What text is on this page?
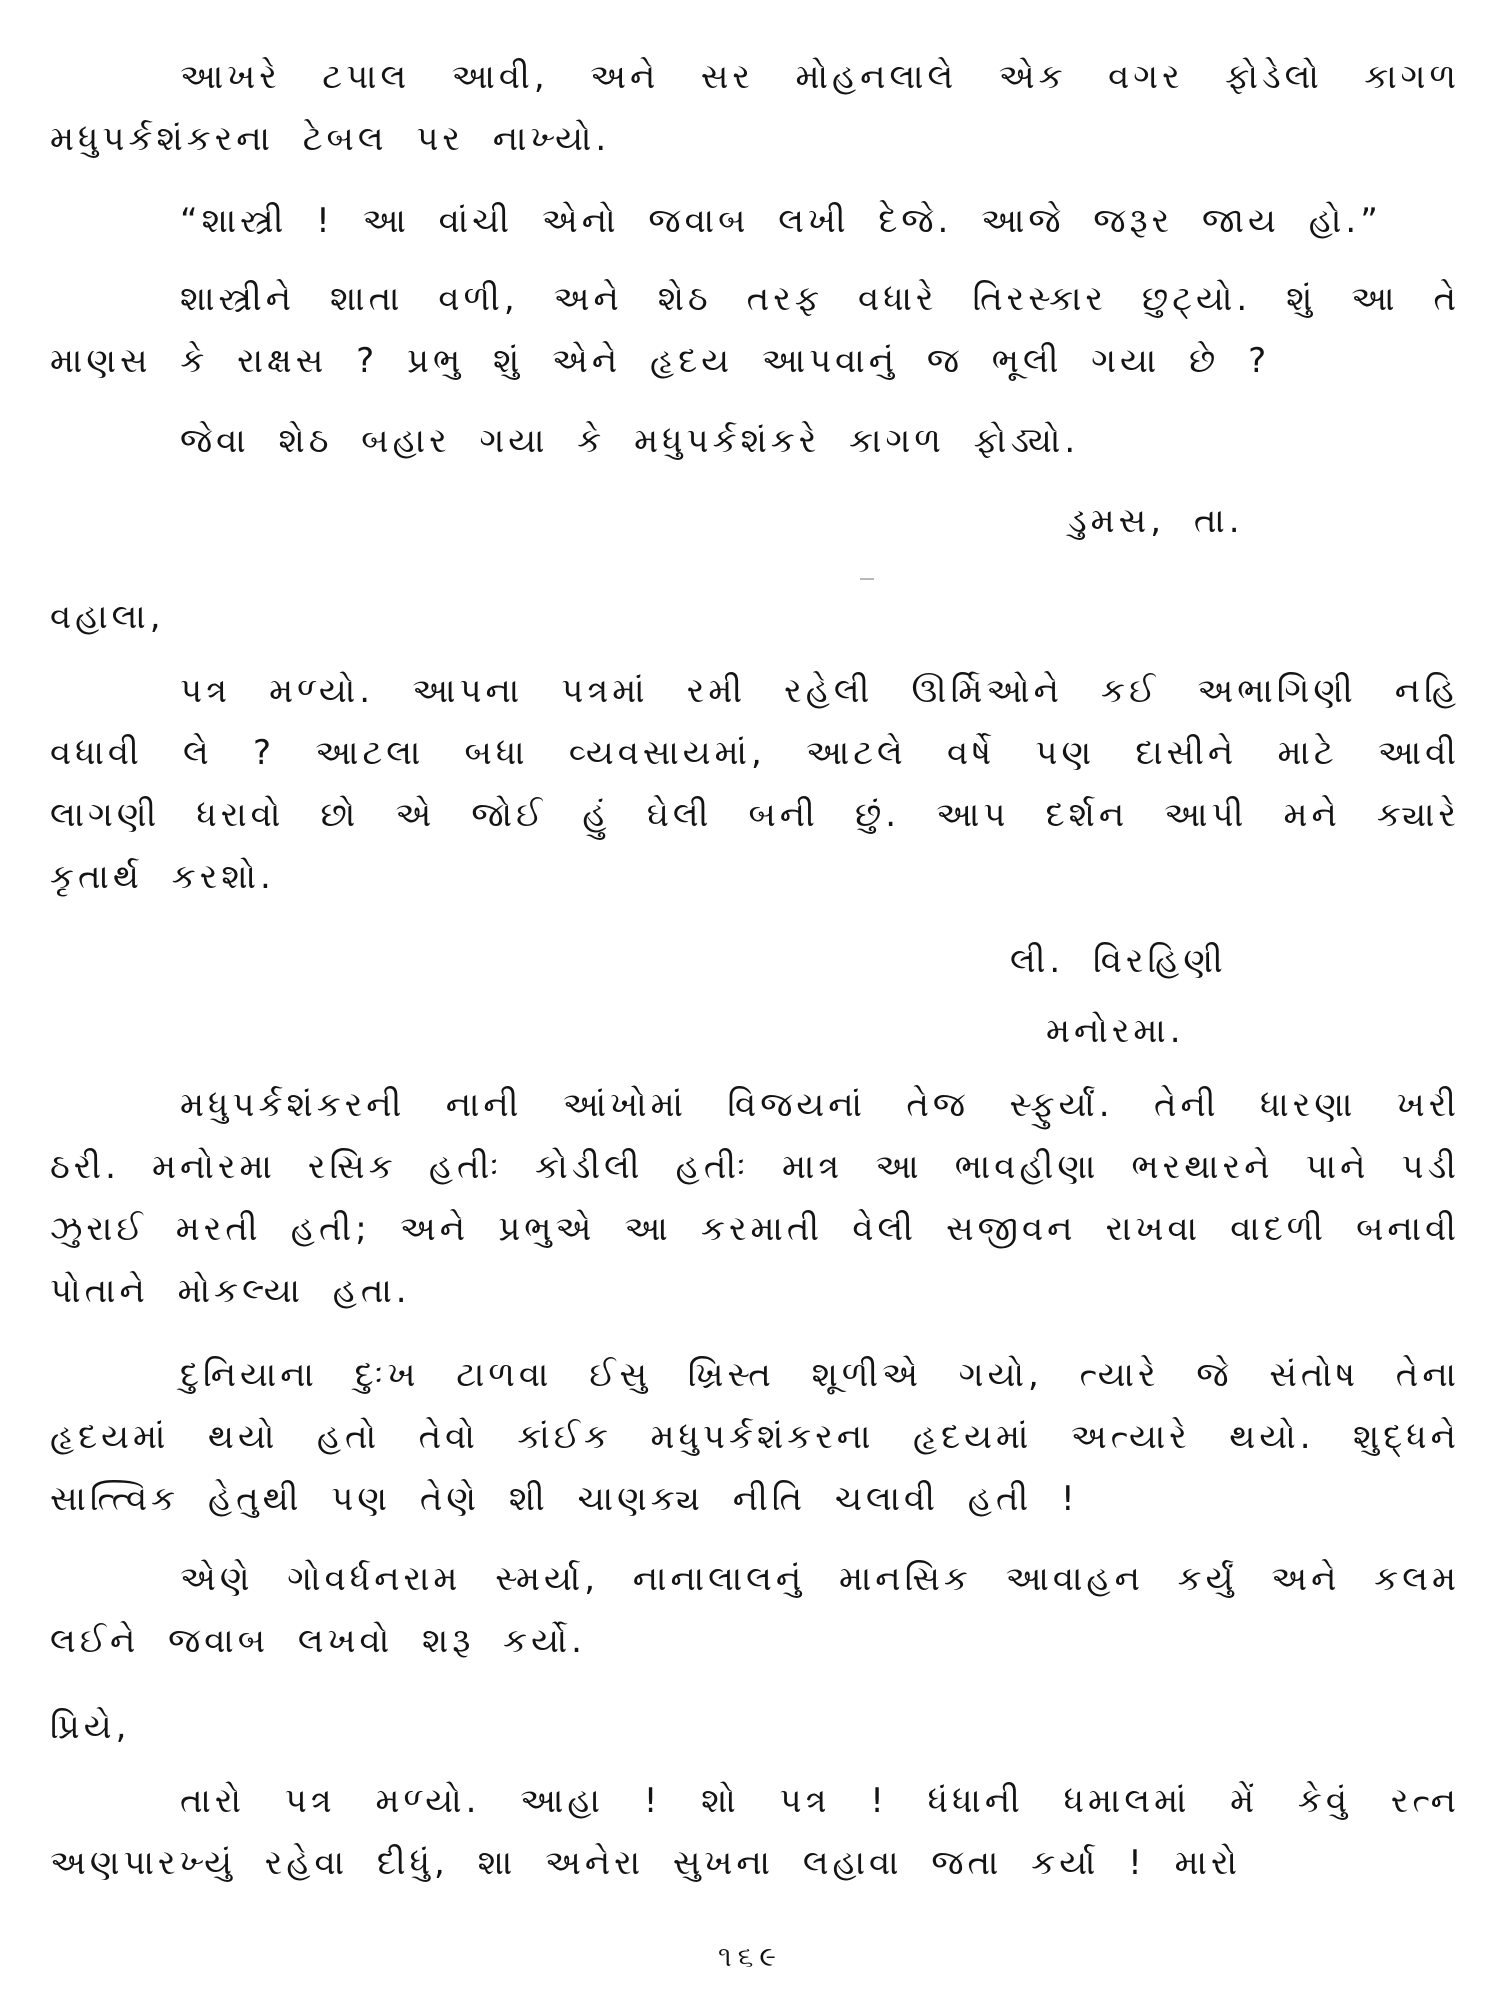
આખરે ટપાલ આવી, અને સર મોહનલાલે એક વગર ફોડેલો કાગળ મધુપર્કશંકરના ટેબલ પર નાખ્યો.

“શાસ્ત્રી ! આ વાંચી એનો જવાબ લખી દેજે. આજે જરૂર જાય હો.”

શાસ્ત્રીને શાતા વળી, અને શેઠ તરફ વધારે તિરસ્કાર છુટ્યો. શું આ તે માણસ કે રાક્ષસ ? પ્રભુ શું એને હૃદય આપવાનું જ ભૂલી ગયા છે ?

જેવા શેઠ બહાર ગયા કે મધુપર્કશંકરે કાગળ ફોડ્યો.

ડુમસ, તા.

વહાલા,

પત્ર મળ્યો. આપના પત્રમાં રમી રહેલી ઊર્મિઓને કઈ અભાગિણી નહિ વધાવી લે ? આટલા બધા વ્યવસાયમાં, આટલે વર્ષે પણ દાસીને માટે આવી લાગણી ધરાવો છો એ જોઈ હું ઘેલી બની છું. આપ દર્શન આપી મને ક્યારે કૃતાર્થ કરશો.

લી. વિરહિણી

મનોરમા.

મધુપર્કશંકરની નાની આંખોમાં વિજયનાં તેજ સ્ફુર્યાં. તેની ધારણા ખરી ઠરી. મનોરમા રસિક હતીઃ કોડીલી હતીઃ માત્ર આ ભાવહીણા ભરથારને પાને પડી ઝુરાઈ મરતી હતી; અને પ્રભુએ આ કરમાતી વેલી સજીવન રાખવા વાદળી બનાવી પોતાને મોકલ્યા હતા.

દુનિયાના દુઃખ ટાળવા ઈસુ ખ્રિસ્ત શૂળીએ ગયો, ત્યારે જે સંતોષ તેના હૃદયમાં થયો હતો તેવો કાંઈક મધુપર્કશંકરના હૃદયમાં અત્યારે થયો. શુદ્ધને સાત્ત્વિક હેતુથી પણ તેણે શી ચાણક્ય નીતિ ચલાવી હતી !

એણે ગોવર્ધનરામ સ્મર્યા, નાનાલાલનું માનસિક આવાહન કર્યું અને કલમ લઈને જવાબ લખવો શરૂ કર્યો.

પ્રિયે,

તારો પત્ર મળ્યો. આહા ! શો પત્ર ! ધંધાની ધમાલમાં મેં કેવું રત્ન અણપારખ્યું રહેવા દીધું, શા અનેરા સુખના લહાવા જતા કર્યા ! મારો

૧૬૯
